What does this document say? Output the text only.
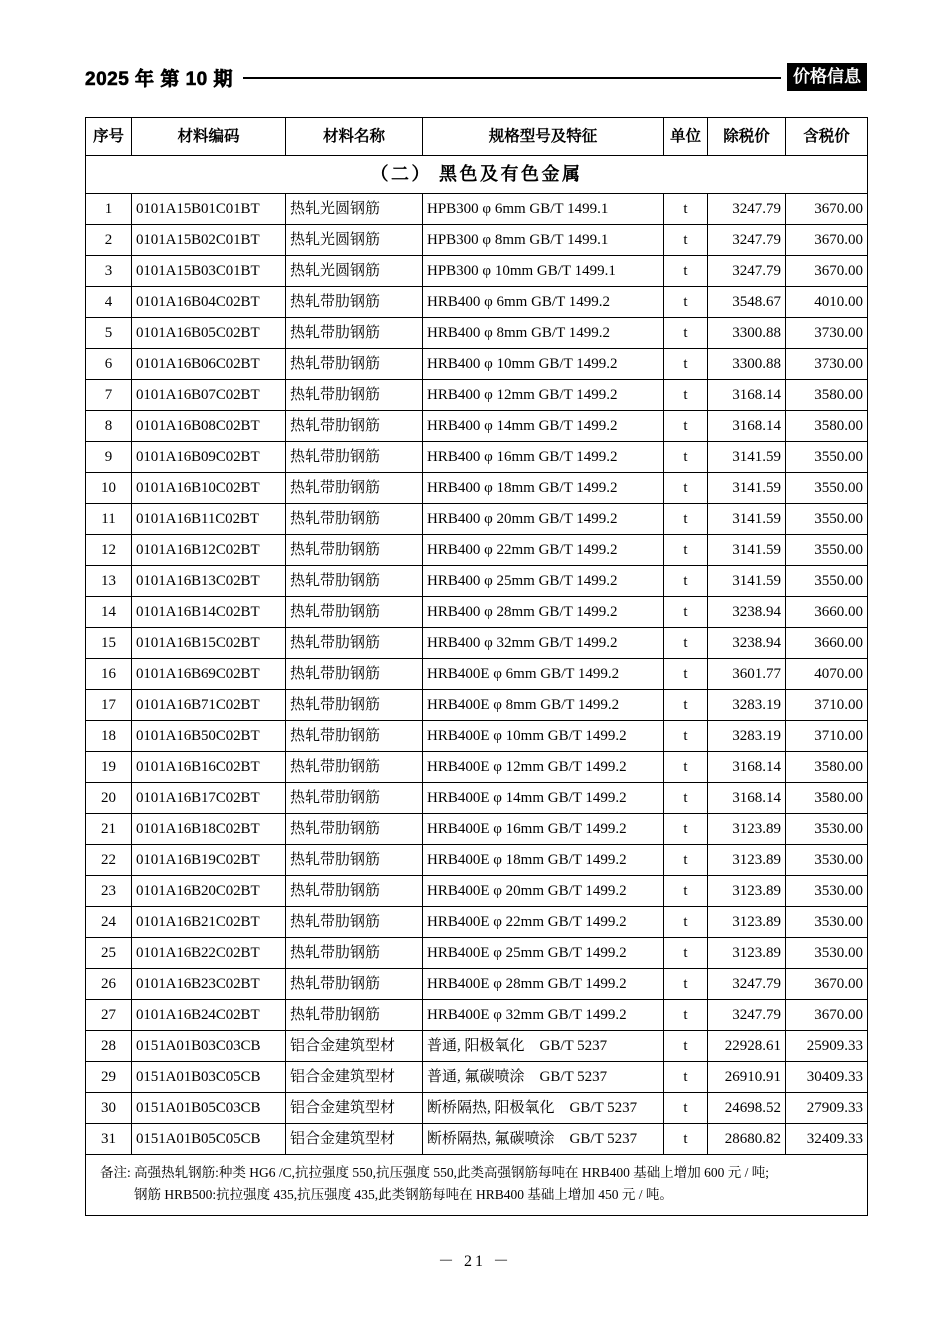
2025 年 第 10 期	价格信息
序号	材料编码	材料名称	规格型号及特征	单位	除税价	含税价
（二） 黑色及有色金属						
1	0101A15B01C01BT	热轧光圆钢筋	HPB300 φ 6mm GB/T 1499.1	t	3247.79	3670.00
2	0101A15B02C01BT	热轧光圆钢筋	HPB300 φ 8mm GB/T 1499.1	t	3247.79	3670.00
3	0101A15B03C01BT	热轧光圆钢筋	HPB300 φ 10mm GB/T 1499.1	t	3247.79	3670.00
4	0101A16B04C02BT	热轧带肋钢筋	HRB400 φ 6mm GB/T 1499.2	t	3548.67	4010.00
5	0101A16B05C02BT	热轧带肋钢筋	HRB400 φ 8mm GB/T 1499.2	t	3300.88	3730.00
6	0101A16B06C02BT	热轧带肋钢筋	HRB400 φ 10mm GB/T 1499.2	t	3300.88	3730.00
7	0101A16B07C02BT	热轧带肋钢筋	HRB400 φ 12mm GB/T 1499.2	t	3168.14	3580.00
8	0101A16B08C02BT	热轧带肋钢筋	HRB400 φ 14mm GB/T 1499.2	t	3168.14	3580.00
9	0101A16B09C02BT	热轧带肋钢筋	HRB400 φ 16mm GB/T 1499.2	t	3141.59	3550.00
10	0101A16B10C02BT	热轧带肋钢筋	HRB400 φ 18mm GB/T 1499.2	t	3141.59	3550.00
11	0101A16B11C02BT	热轧带肋钢筋	HRB400 φ 20mm GB/T 1499.2	t	3141.59	3550.00
12	0101A16B12C02BT	热轧带肋钢筋	HRB400 φ 22mm GB/T 1499.2	t	3141.59	3550.00
13	0101A16B13C02BT	热轧带肋钢筋	HRB400 φ 25mm GB/T 1499.2	t	3141.59	3550.00
14	0101A16B14C02BT	热轧带肋钢筋	HRB400 φ 28mm GB/T 1499.2	t	3238.94	3660.00
15	0101A16B15C02BT	热轧带肋钢筋	HRB400 φ 32mm GB/T 1499.2	t	3238.94	3660.00
16	0101A16B69C02BT	热轧带肋钢筋	HRB400E φ 6mm GB/T 1499.2	t	3601.77	4070.00
17	0101A16B71C02BT	热轧带肋钢筋	HRB400E φ 8mm GB/T 1499.2	t	3283.19	3710.00
18	0101A16B50C02BT	热轧带肋钢筋	HRB400E φ 10mm GB/T 1499.2	t	3283.19	3710.00
19	0101A16B16C02BT	热轧带肋钢筋	HRB400E φ 12mm GB/T 1499.2	t	3168.14	3580.00
20	0101A16B17C02BT	热轧带肋钢筋	HRB400E φ 14mm GB/T 1499.2	t	3168.14	3580.00
21	0101A16B18C02BT	热轧带肋钢筋	HRB400E φ 16mm GB/T 1499.2	t	3123.89	3530.00
22	0101A16B19C02BT	热轧带肋钢筋	HRB400E φ 18mm GB/T 1499.2	t	3123.89	3530.00
23	0101A16B20C02BT	热轧带肋钢筋	HRB400E φ 20mm GB/T 1499.2	t	3123.89	3530.00
24	0101A16B21C02BT	热轧带肋钢筋	HRB400E φ 22mm GB/T 1499.2	t	3123.89	3530.00
25	0101A16B22C02BT	热轧带肋钢筋	HRB400E φ 25mm GB/T 1499.2	t	3123.89	3530.00
26	0101A16B23C02BT	热轧带肋钢筋	HRB400E φ 28mm GB/T 1499.2	t	3247.79	3670.00
27	0101A16B24C02BT	热轧带肋钢筋	HRB400E φ 32mm GB/T 1499.2	t	3247.79	3670.00
28	0151A01B03C03CB	铝合金建筑型材	普通, 阳极氧化　GB/T 5237	t	22928.61	25909.33
29	0151A01B03C05CB	铝合金建筑型材	普通, 氟碳喷涂　GB/T 5237	t	26910.91	30409.33
30	0151A01B05C03CB	铝合金建筑型材	断桥隔热, 阳极氧化　GB/T 5237	t	24698.52	27909.33
31	0151A01B05C05CB	铝合金建筑型材	断桥隔热, 氟碳喷涂　GB/T 5237	t	28680.82	32409.33

备注: 高强热轧钢筋:种类 HG6 /C,抗拉强度 550,抗压强度 550,此类高强钢筋每吨在 HRB400 基础上增加 600 元 / 吨;
钢筋 HRB500:抗拉强度 435,抗压强度 435,此类钢筋每吨在 HRB400 基础上增加 450 元 / 吨。						
－ 21 －
